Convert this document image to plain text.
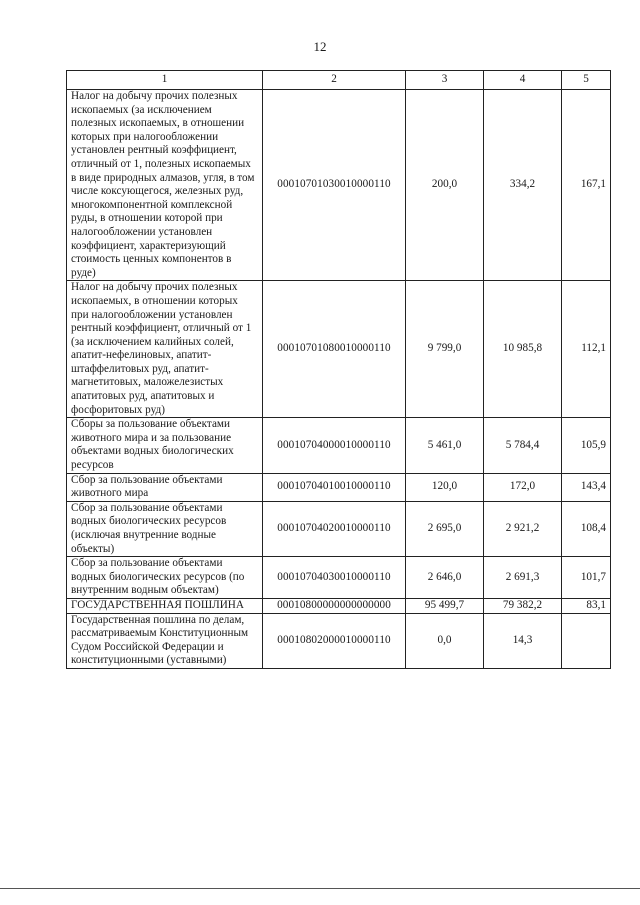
12
1	2	3	4	5
Налог на добычу прочих полезных ископаемых (за исключением полезных ископаемых, в отношении которых при налогообложении установлен рентный коэффициент, отличный от 1, полезных ископаемых в виде природных алмазов, угля, в том числе коксующегося, железных руд, многокомпонентной комплексной руды, в отношении которой при налогообложении установлен коэффициент, характеризующий стоимость ценных компонентов в руде)	00010701030010000110	200,0	334,2	167,1
Налог на добычу прочих полезных ископаемых, в отношении которых при налогообложении установлен рентный коэффициент, отличный от 1 (за исключением калийных солей, апатит-нефелиновых, апатит-штаффелитовых руд, апатит-магнетитовых, маложелезистых апатитовых руд, апатитовых и фосфоритовых руд)	00010701080010000110	9 799,0	10 985,8	112,1
Сборы за пользование объектами животного мира и за пользование объектами водных биологических ресурсов	00010704000010000110	5 461,0	5 784,4	105,9
Сбор за пользование объектами животного мира	00010704010010000110	120,0	172,0	143,4
Сбор за пользование объектами водных биологических ресурсов (исключая внутренние водные объекты)	00010704020010000110	2 695,0	2 921,2	108,4
Сбор за пользование объектами водных биологических ресурсов (по внутренним водным объектам)	00010704030010000110	2 646,0	2 691,3	101,7
ГОСУДАРСТВЕННАЯ ПОШЛИНА	00010800000000000000	95 499,7	79 382,2	83,1
Государственная пошлина по делам, рассматриваемым Конституционным Судом Российской Федерации и конституционными (уставными)	00010802000010000110	0,0	14,3	
